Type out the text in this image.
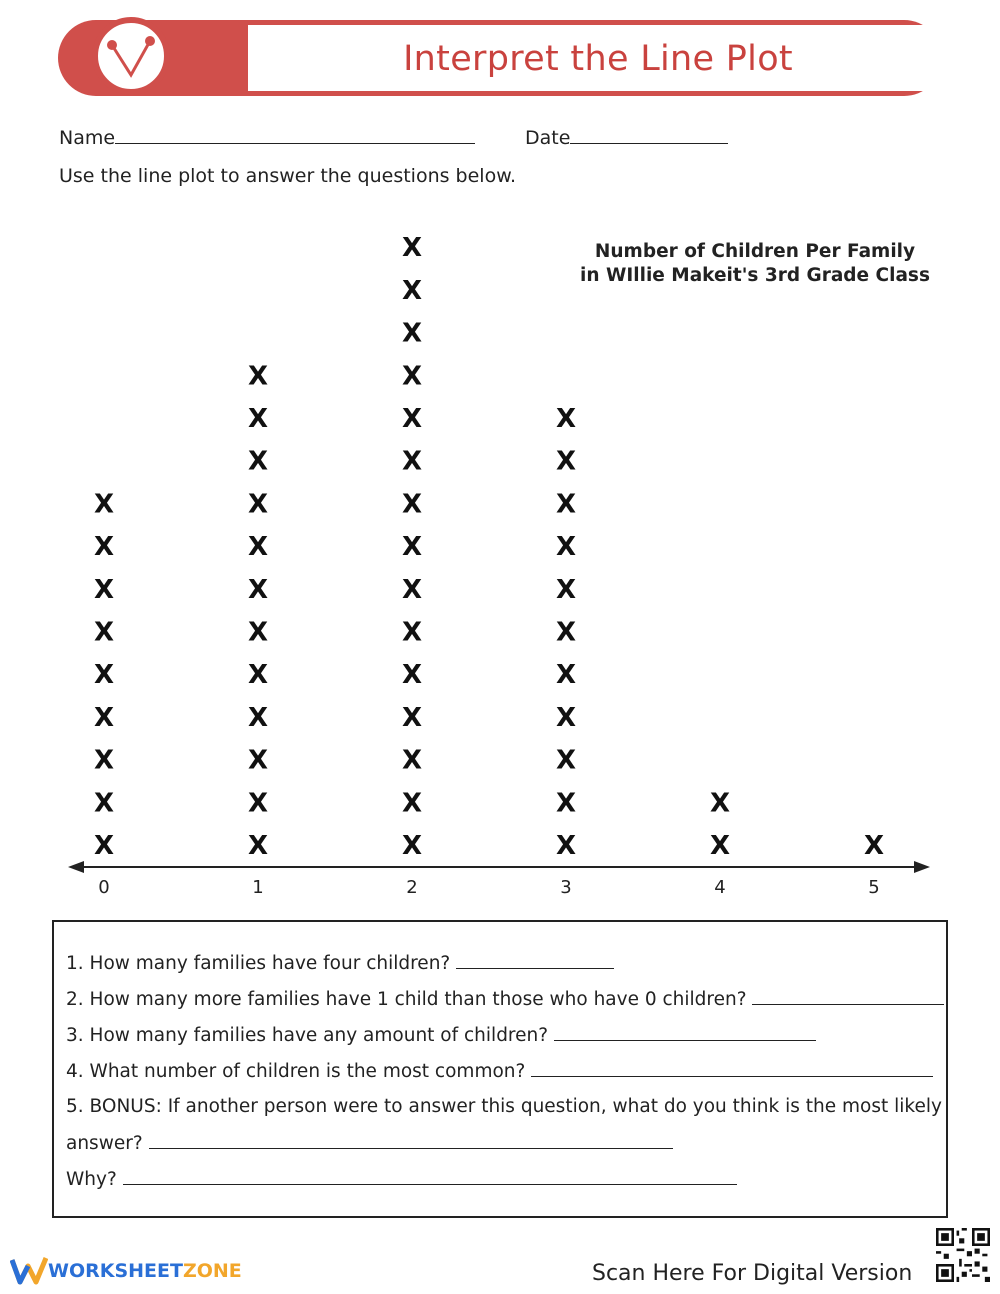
Interpret the Line Plot
Name	Date
Use the line plot to answer the questions below.
Number of Children Per Family
in WIllie Makeit's 3rd Grade Class
X
X
X
X
X
X
X
X
X
X
X
X
X
X
X
X
X
X
X
X
X
X
X
X
X
X
X
X
X
X
X
X
X
X
X
X
X
X
X
X
X
X
X
X
X
X
X
X
X
X
0	1	2	3	4	5
1. How many families have four children?
2. How many more families have 1 child than those who have 0 children?
3. How many families have any amount of children?
4. What number of children is the most common?
5. BONUS: If another person were to answer this question, what do you think is the most likely
answer?
Why?
WORKSHEET ZONE	Scan Here For Digital Version
